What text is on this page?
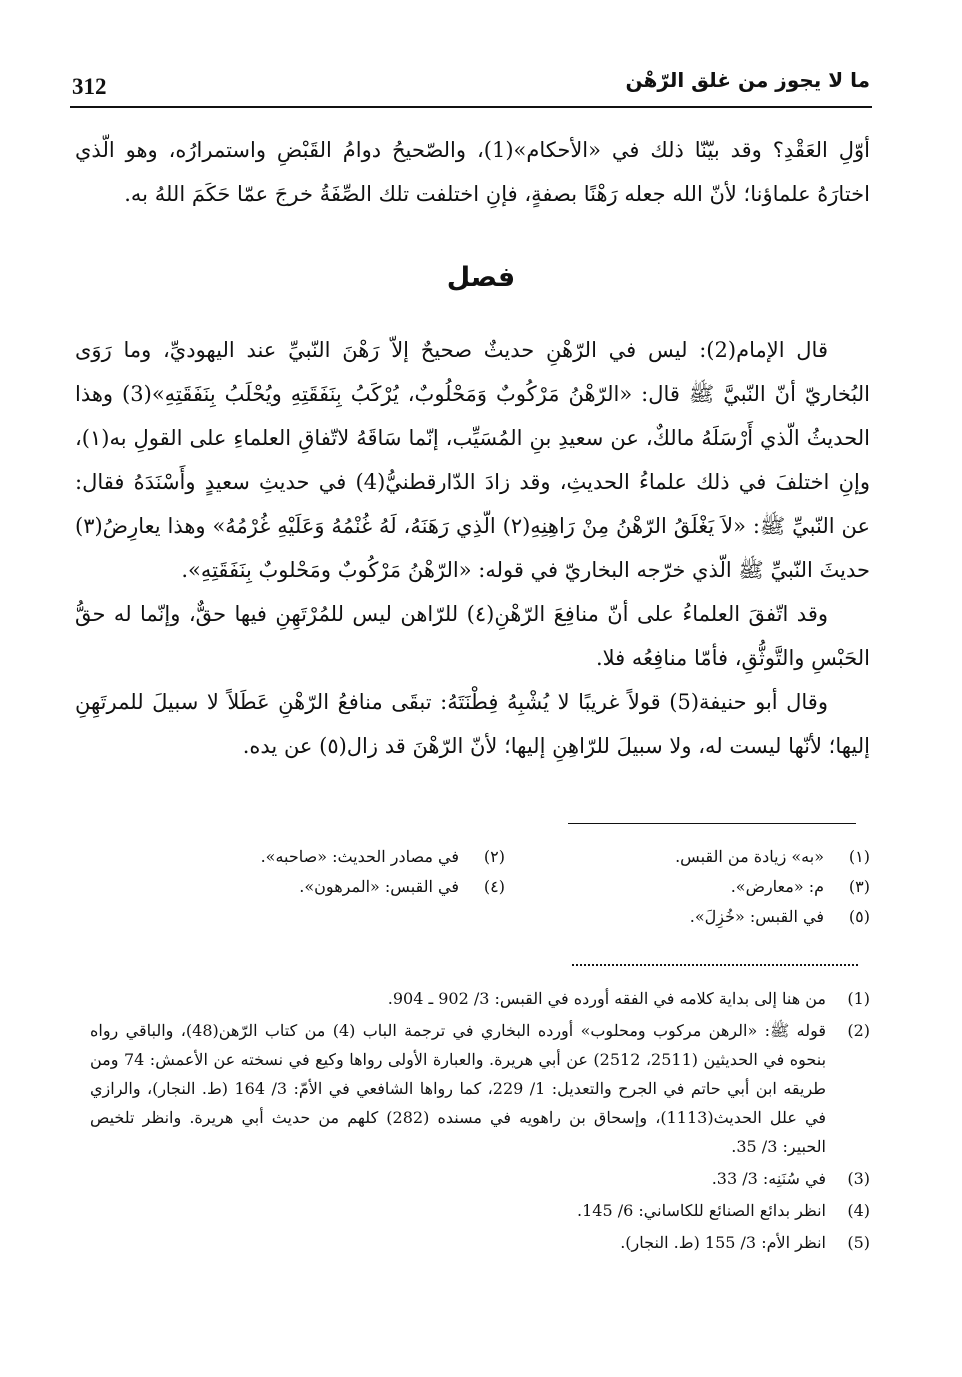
312	ما لا يجوز من غلق الرّهْن

أوّلِ العَقْدِ؟ وقد بيّنّا ذلك في «الأحكام»(1)، والصّحيحُ دوامُ القَبْضِ واستمرارُه، وهو الّذي اختارَهُ علماؤنا؛ لأنّ الله جعله رَهْنًا بصفةٍ، فإنِ اختلفت تلك الصِّفَةُ خرجَ عمّا حَكَمَ اللهُ به.

فصل

قال الإمام(2): ليس في الرّهْنِ حديثٌ صحيحٌ إلاّ رَهْنَ النّبيِّ عند اليهوديِّ، وما رَوَى البُخاريّ أنّ النّبيَّ ﷺ قال: «الرّهْنُ مَرْكُوبٌ وَمَحْلُوبٌ، يُرْكَبُ بِنَفَقَتِهِ ويُحْلَبُ بِنَفَقَتِهِ»(3) وهذا الحديثُ الّذي أَرْسَلَهُ مالكٌ، عن سعيدِ بنِ المُسَيِّب، إنّما سَاقَهُ لاتّفاقِ العلماءِ على القولِ به(١)، وإنِ اختلفَ في ذلك علماءُ الحديثِ، وقد زادَ الدّارقطنيُّ(4) في حديثِ سعيدٍ وأَسْنَدَهُ فقال: عن النّبيِّ ﷺ: «لاَ يَغْلَقُ الرّهْنُ مِنْ رَاهِنِهِ(٢) الّذِي رَهَنَهُ، لَهُ غُنْمُهُ وَعَلَيْهِ غُرْمُهُ» وهذا يعارِضُ(٣) حديثَ النّبيِّ ﷺ الّذي خرّجه البخاريّ في قوله: «الرّهْنُ مَرْكُوبٌ ومَحْلوبٌ بِنَفَقَتِهِ».

وقد اتّفقَ العلماءُ على أنّ منافِعَ الرّهْنِ(٤) للرّاهن ليس للمُرْتَهِنِ فيها حقٌّ، وإنّما له حقُّ الحَبْسِ والتَّوثُّقِ، فأمّا منافِعُه فلا.

وقال أبو حنيفة(5) قولاً غريبًا لا يُشْبِهُ فِطْنَتَهُ: تبقَى منافعُ الرّهْنِ عَطَلاً لا سبيلَ للمرتَهِنِ إليها؛ لأنّها ليست له، ولا سبيلَ للرّاهِنِ إليها؛ لأنّ الرّهْنَ قد زال(٥) عن يده.

(١)
«به» زيادة من القبس.
(٢)
في مصادر الحديث: «صاحبه».
(٣)
م: «معارض».
(٤)
في القبس: «المرهون».
(٥)
في القبس: «خُزِلَ».
(1)
من هنا إلى بداية كلامه في الفقه أورده في القبس: 3/ 902 ـ 904.
(2)
قوله ﷺ: «الرهن مركوب ومحلوب» أورده البخاري في ترجمة الباب (4) من كتاب الرّهن(48)، والباقي رواه بنحوه في الحديثين (2511، 2512) عن أبي هريرة. والعبارة الأولى رواها وكيع في نسخته عن الأعمش: 74 ومن طريقه ابن أبي حاتم في الجرح والتعديل: 1/ 229، كما رواها الشافعي في الأمّ: 3/ 164 (ط. النجار)، والرازي في علل الحديث(1113)، وإسحاق بن راهويه في مسنده (282) كلهم من حديث أبي هريرة. وانظر تلخيص الحبير: 3/ 35.
(3)
في سُنَنِه: 3/ 33.
(4)
انظر بدائع الصنائع للكاساني: 6/ 145.
(5)
انظر الأم: 3/ 155 (ط. النجار).
